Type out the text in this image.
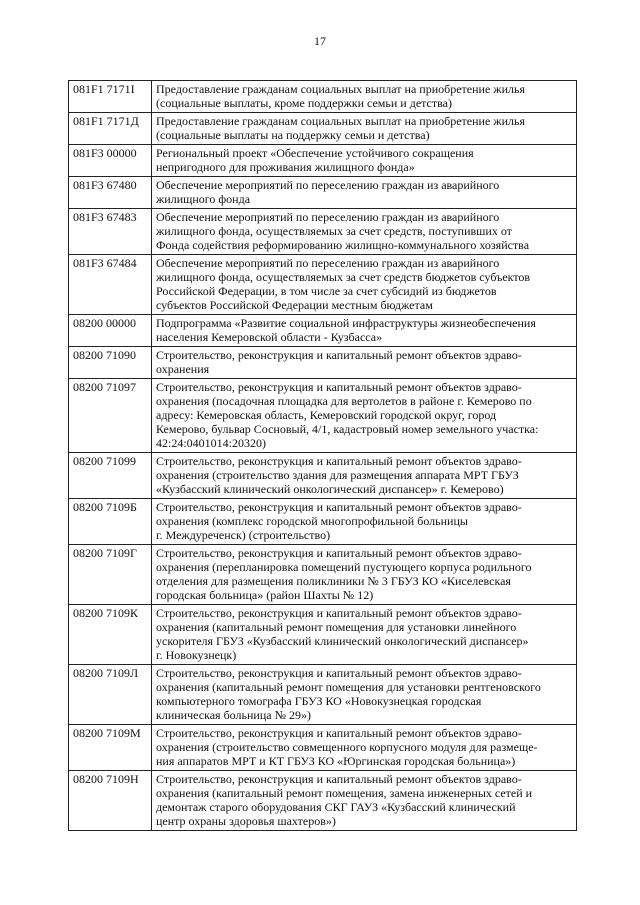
17
081F1 7171I	Предоставление гражданам социальных выплат на приобретение жилья
(социальные выплаты, кроме поддержки семьи и детства)
081F1 7171Д	Предоставление гражданам социальных выплат на приобретение жилья
(социальные выплаты на поддержку семьи и детства)
081F3 00000	Региональный проект «Обеспечение устойчивого сокращения
непригодного для проживания жилищного фонда»
081F3 67480	Обеспечение мероприятий по переселению граждан из аварийного
жилищного фонда
081F3 67483	Обеспечение мероприятий по переселению граждан из аварийного
жилищного фонда, осуществляемых за счет средств, поступивших от
Фонда содействия реформированию жилищно-коммунального хозяйства
081F3 67484	Обеспечение мероприятий по переселению граждан из аварийного
жилищного фонда, осуществляемых за счет средств бюджетов субъектов
Российской Федерации, в том числе за счет субсидий из бюджетов
субъектов Российской Федерации местным бюджетам
08200 00000	Подпрограмма «Развитие социальной инфраструктуры жизнеобеспечения
населения Кемеровской области - Кузбасса»
08200 71090	Строительство, реконструкция и капитальный ремонт объектов здраво-
охранения
08200 71097	Строительство, реконструкция и капитальный ремонт объектов здраво-
охранения (посадочная площадка для вертолетов в районе г. Кемерово по
адресу: Кемеровская область, Кемеровский городской округ, город
Кемерово, бульвар Сосновый, 4/1, кадастровый номер земельного участка:
42:24:0401014:20320)
08200 71099	Строительство, реконструкция и капитальный ремонт объектов здраво-
охранения (строительство здания для размещения аппарата МРТ ГБУЗ
«Кузбасский клинический онкологический диспансер» г. Кемерово)
08200 7109Б	Строительство, реконструкция и капитальный ремонт объектов здраво-
охранения (комплекс городской многопрофильной больницы
г. Междуреченск) (строительство)
08200 7109Г	Строительство, реконструкция и капитальный ремонт объектов здраво-
охранения (перепланировка помещений пустующего корпуса родильного
отделения для размещения поликлиники № 3 ГБУЗ КО «Киселевская
городская больница» (район Шахты № 12)
08200 7109К	Строительство, реконструкция и капитальный ремонт объектов здраво-
охранения (капитальный ремонт помещения для установки линейного
ускорителя ГБУЗ «Кузбасский клинический онкологический диспансер»
г. Новокузнецк)
08200 7109Л	Строительство, реконструкция и капитальный ремонт объектов здраво-
охранения (капитальный ремонт помещения для установки рентгеновского
компьютерного томографа ГБУЗ КО «Новокузнецкая городская
клиническая больница № 29»)
08200 7109М	Строительство, реконструкция и капитальный ремонт объектов здраво-
охранения (строительство совмещенного корпусного модуля для размеще-
ния аппаратов МРТ и КТ ГБУЗ КО «Юргинская городская больница»)
08200 7109Н	Строительство, реконструкция и капитальный ремонт объектов здраво-
охранения (капитальный ремонт помещения, замена инженерных сетей и
демонтаж старого оборудования СКГ ГАУЗ «Кузбасский клинический
центр охраны здоровья шахтеров»)
